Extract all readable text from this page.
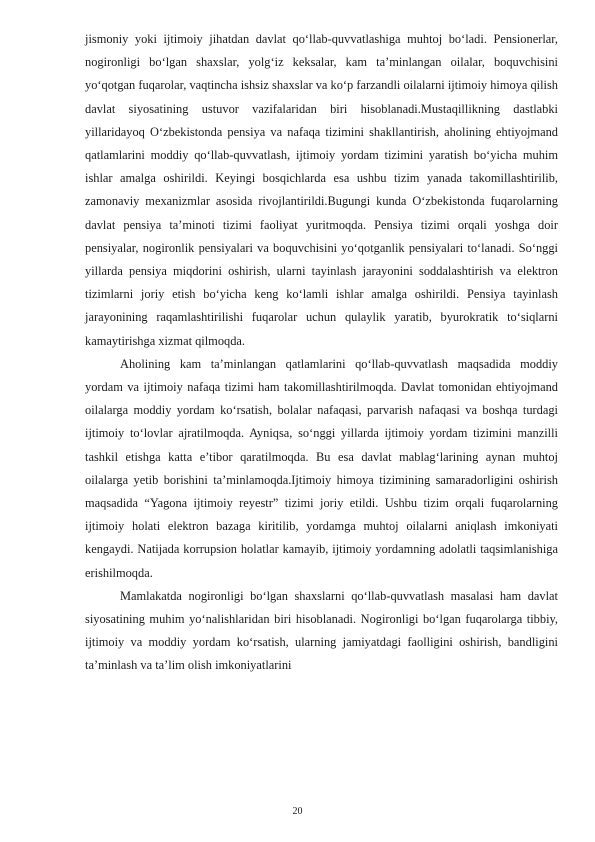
jismoniy yoki ijtimoiy jihatdan davlat qo‘llab-quvvatlashiga muhtoj bo‘ladi. Pensionerlar, nogironligi bo‘lgan shaxslar, yolg‘iz keksalar, kam ta’minlangan oilalar, boquvchisini yo‘qotgan fuqarolar, vaqtincha ishsiz shaxslar va ko‘p farzandli oilalarni ijtimoiy himoya qilish davlat siyosatining ustuvor vazifalaridan biri hisoblanadi.Mustaqillikning dastlabki yillaridayoq O‘zbekistonda pensiya va nafaqa tizimini shakllantirish, aholining ehtiyojmand qatlamlarini moddiy qo‘llab-quvvatlash, ijtimoiy yordam tizimini yaratish bo‘yicha muhim ishlar amalga oshirildi. Keyingi bosqichlarda esa ushbu tizim yanada takomillashtirilib, zamonaviy mexanizmlar asosida rivojlantirildi.Bugungi kunda O‘zbekistonda fuqarolarning davlat pensiya ta’minoti tizimi faoliyat yuritmoqda. Pensiya tizimi orqali yoshga doir pensiyalar, nogironlik pensiyalari va boquvchisini yo‘qotganlik pensiyalari to‘lanadi. So‘nggi yillarda pensiya miqdorini oshirish, ularni tayinlash jarayonini soddalashtirish va elektron tizimlarni joriy etish bo‘yicha keng ko‘lamli ishlar amalga oshirildi. Pensiya tayinlash jarayonining raqamlashtirilishi fuqarolar uchun qulaylik yaratib, byurokratik to‘siqlarni kamaytirishga xizmat qilmoqda.

Aholining kam ta’minlangan qatlamlarini qo‘llab-quvvatlash maqsadida moddiy yordam va ijtimoiy nafaqa tizimi ham takomillashtirilmoqda. Davlat tomonidan ehtiyojmand oilalarga moddiy yordam ko‘rsatish, bolalar nafaqasi, parvarish nafaqasi va boshqa turdagi ijtimoiy to‘lovlar ajratilmoqda. Ayniqsa, so‘nggi yillarda ijtimoiy yordam tizimini manzilli tashkil etishga katta e’tibor qaratilmoqda. Bu esa davlat mablag‘larining aynan muhtoj oilalarga yetib borishini ta’minlamoqda.Ijtimoiy himoya tizimining samaradorligini oshirish maqsadida “Yagona ijtimoiy reyestr” tizimi joriy etildi. Ushbu tizim orqali fuqarolarning ijtimoiy holati elektron bazaga kiritilib, yordamga muhtoj oilalarni aniqlash imkoniyati kengaydi. Natijada korrupsion holatlar kamayib, ijtimoiy yordamning adolatli taqsimlanishiga erishilmoqda.

Mamlakatda nogironligi bo‘lgan shaxslarni qo‘llab-quvvatlash masalasi ham davlat siyosatining muhim yo‘nalishlaridan biri hisoblanadi. Nogironligi bo‘lgan fuqarolarga tibbiy, ijtimoiy va moddiy yordam ko‘rsatish, ularning jamiyatdagi faolligini oshirish, bandligini ta’minlash va ta’lim olish imkoniyatlarini

20
